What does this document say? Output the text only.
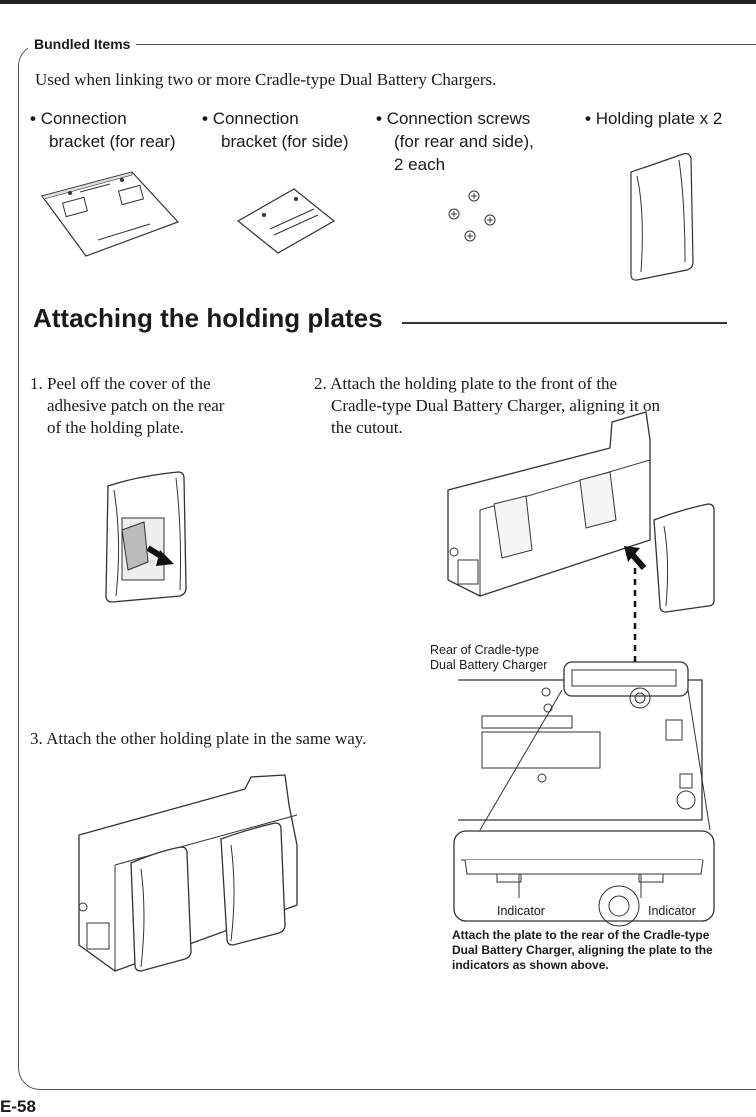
Bundled Items
Used when linking two or more Cradle-type Dual Battery Chargers.
• Connection
bracket (for rear)
• Connection
bracket (for side)
• Connection screws
(for rear and side),
2 each
• Holding plate x 2
Attaching the holding plates
1. Peel off the cover of the
adhesive patch on the rear
of the holding plate.
2. Attach the holding plate to the front of the
Cradle-type Dual Battery Charger, aligning it on
the cutout.
Rear of Cradle-type
Dual Battery Charger
Indicator	Indicator
Attach the plate to the rear of the Cradle-type
Dual Battery Charger, aligning the plate to the
indicators as shown above.
3. Attach the other holding plate in the same way.
E-58
